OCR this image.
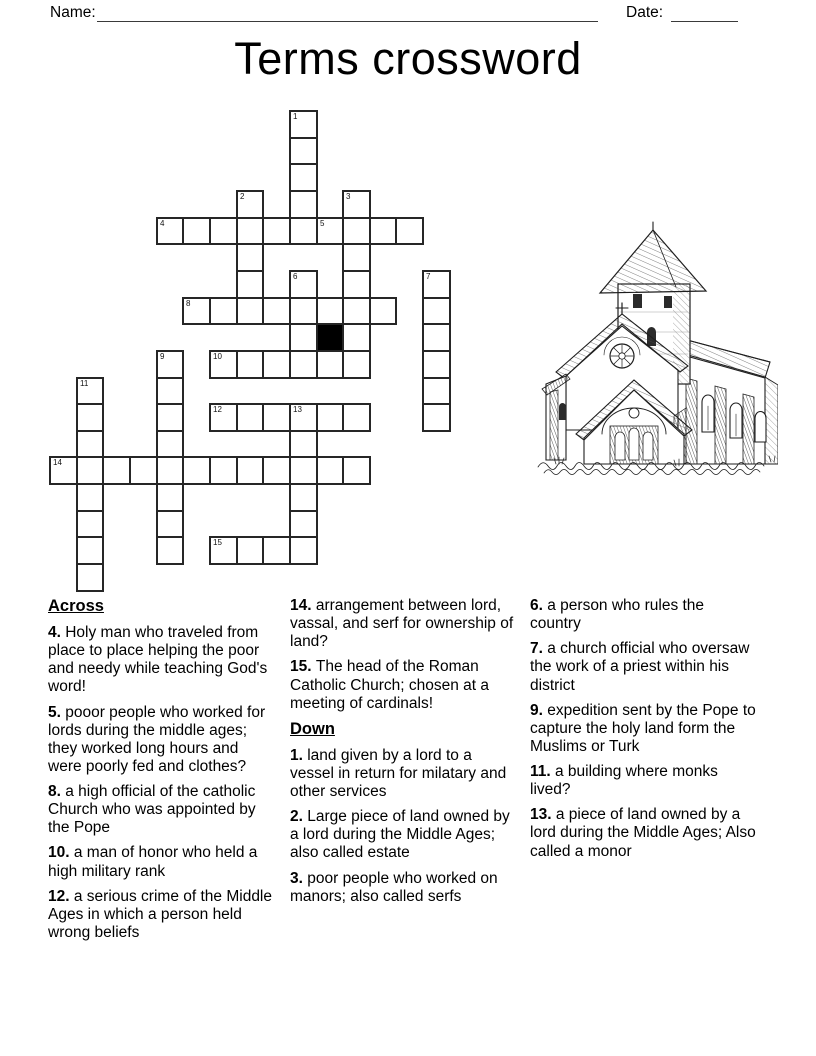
Name:	Date:
Terms crossword
1
2	3
4	5
6	7
8
9	10
11
12	13
14
15
Across

4. Holy man who traveled from place to place helping the poor and needy while teaching God's word!

5. pooor people who worked for lords during the middle ages; they worked long hours and were poorly fed and clothes?

8. a high official of the catholic Church who was appointed by the Pope

10. a man of honor who held a high military rank

12. a serious crime of the Middle Ages in which a person held wrong beliefs

14. arrangement between lord, vassal, and serf for ownership of land?

15. The head of the Roman Catholic Church; chosen at a meeting of cardinals!

Down

1. land given by a lord to a vessel in return for milatary and other services

2. Large piece of land owned by a lord during the Middle Ages; also called estate

3. poor people who worked on manors; also called serfs

6. a person who rules the country

7. a church official who oversaw the work of a priest within his district

9. expedition sent by the Pope to capture the holy land form the Muslims or Turk

11. a building where monks lived?

13. a piece of land owned by a lord during the Middle Ages; Also called a monor
